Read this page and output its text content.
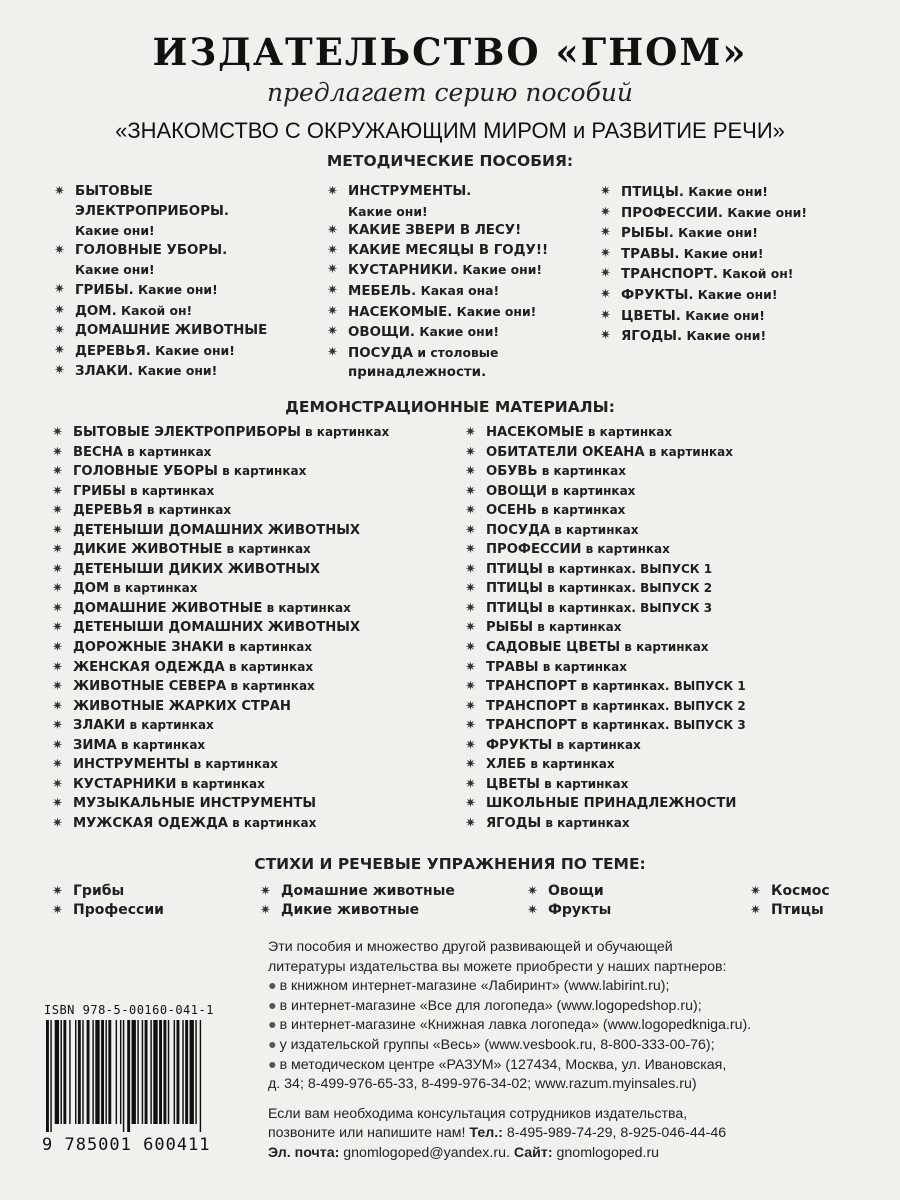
ИЗДАТЕЛЬСТВО «ГНОМ»
предлагает серию пособий
«ЗНАКОМСТВО С ОКРУЖАЮЩИМ МИРОМ и РАЗВИТИЕ РЕЧИ»
МЕТОДИЧЕСКИЕ ПОСОБИЯ:
✷ БЫТОВЫЕ
ЭЛЕКТРОПРИБОРЫ.
Какие они!
✷ ГОЛОВНЫЕ УБОРЫ.
Какие они!
✷ ГРИБЫ. Какие они!
✷ ДОМ. Какой он!
✷ ДОМАШНИЕ ЖИВОТНЫЕ
✷ ДЕРЕВЬЯ. Какие они!
✷ ЗЛАКИ. Какие они!
✷ ИНСТРУМЕНТЫ.
Какие они!
✷ КАКИЕ ЗВЕРИ В ЛЕСУ!
✷ КАКИЕ МЕСЯЦЫ В ГОДУ!!
✷ КУСТАРНИКИ. Какие они!
✷ МЕБЕЛЬ. Какая она!
✷ НАСЕКОМЫЕ. Какие они!
✷ ОВОЩИ. Какие они!
✷ ПОСУДА и столовые
принадлежности.
✷ ПТИЦЫ. Какие они!
✷ ПРОФЕССИИ. Какие они!
✷ РЫБЫ. Какие они!
✷ ТРАВЫ. Какие они!
✷ ТРАНСПОРТ. Какой он!
✷ ФРУКТЫ. Какие они!
✷ ЦВЕТЫ. Какие они!
✷ ЯГОДЫ. Какие они!
ДЕМОНСТРАЦИОННЫЕ МАТЕРИАЛЫ:
✷ БЫТОВЫЕ ЭЛЕКТРОПРИБОРЫ в картинках
✷ ВЕСНА в картинках
✷ ГОЛОВНЫЕ УБОРЫ в картинках
✷ ГРИБЫ в картинках
✷ ДЕРЕВЬЯ в картинках
✷ ДЕТЕНЫШИ ДОМАШНИХ ЖИВОТНЫХ
✷ ДИКИЕ ЖИВОТНЫЕ в картинках
✷ ДЕТЕНЫШИ ДИКИХ ЖИВОТНЫХ
✷ ДОМ в картинках
✷ ДОМАШНИЕ ЖИВОТНЫЕ в картинках
✷ ДЕТЕНЫШИ ДОМАШНИХ ЖИВОТНЫХ
✷ ДОРОЖНЫЕ ЗНАКИ в картинках
✷ ЖЕНСКАЯ ОДЕЖДА в картинках
✷ ЖИВОТНЫЕ СЕВЕРА в картинках
✷ ЖИВОТНЫЕ ЖАРКИХ СТРАН
✷ ЗЛАКИ в картинках
✷ ЗИМА в картинках
✷ ИНСТРУМЕНТЫ в картинках
✷ КУСТАРНИКИ в картинках
✷ МУЗЫКАЛЬНЫЕ ИНСТРУМЕНТЫ
✷ МУЖСКАЯ ОДЕЖДА в картинках
✷ НАСЕКОМЫЕ в картинках
✷ ОБИТАТЕЛИ ОКЕАНА в картинках
✷ ОБУВЬ в картинках
✷ ОВОЩИ в картинках
✷ ОСЕНЬ в картинках
✷ ПОСУДА в картинках
✷ ПРОФЕССИИ в картинках
✷ ПТИЦЫ в картинках. ВЫПУСК 1
✷ ПТИЦЫ в картинках. ВЫПУСК 2
✷ ПТИЦЫ в картинках. ВЫПУСК 3
✷ РЫБЫ в картинках
✷ САДОВЫЕ ЦВЕТЫ в картинках
✷ ТРАВЫ в картинках
✷ ТРАНСПОРТ в картинках. ВЫПУСК 1
✷ ТРАНСПОРТ в картинках. ВЫПУСК 2
✷ ТРАНСПОРТ в картинках. ВЫПУСК 3
✷ ФРУКТЫ в картинках
✷ ХЛЕБ в картинках
✷ ЦВЕТЫ в картинках
✷ ШКОЛЬНЫЕ ПРИНАДЛЕЖНОСТИ
✷ ЯГОДЫ в картинках
СТИХИ И РЕЧЕВЫЕ УПРАЖНЕНИЯ ПО ТЕМЕ:
✷ Грибы	✷ Домашние животные	✷ Овощи	✷ Космос
✷ Профессии	✷ Дикие животные	✷ Фрукты	✷ Птицы
ISBN 978-5-00160-041-1
9 785001 600411
Эти пособия и множество другой развивающей и обучающей
литературы издательства вы можете приобрести у наших партнеров:
● в книжном интернет-магазине «Лабиринт» (www.labirint.ru);
● в интернет-магазине «Все для логопеда» (www.logopedshop.ru);
● в интернет-магазине «Книжная лавка логопеда» (www.logopedkniga.ru).
● у издательской группы «Весь» (www.vesbook.ru, 8-800-333-00-76);
● в методическом центре «РАЗУМ» (127434, Москва, ул. Ивановская,
д. 34; 8-499-976-65-33, 8-499-976-34-02; www.razum.myinsales.ru)
Если вам необходима консультация сотрудников издательства,
позвоните или напишите нам! Тел.: 8-495-989-74-29, 8-925-046-44-46
Эл. почта: gnomlogoped@yandex.ru. Сайт: gnomlogoped.ru
